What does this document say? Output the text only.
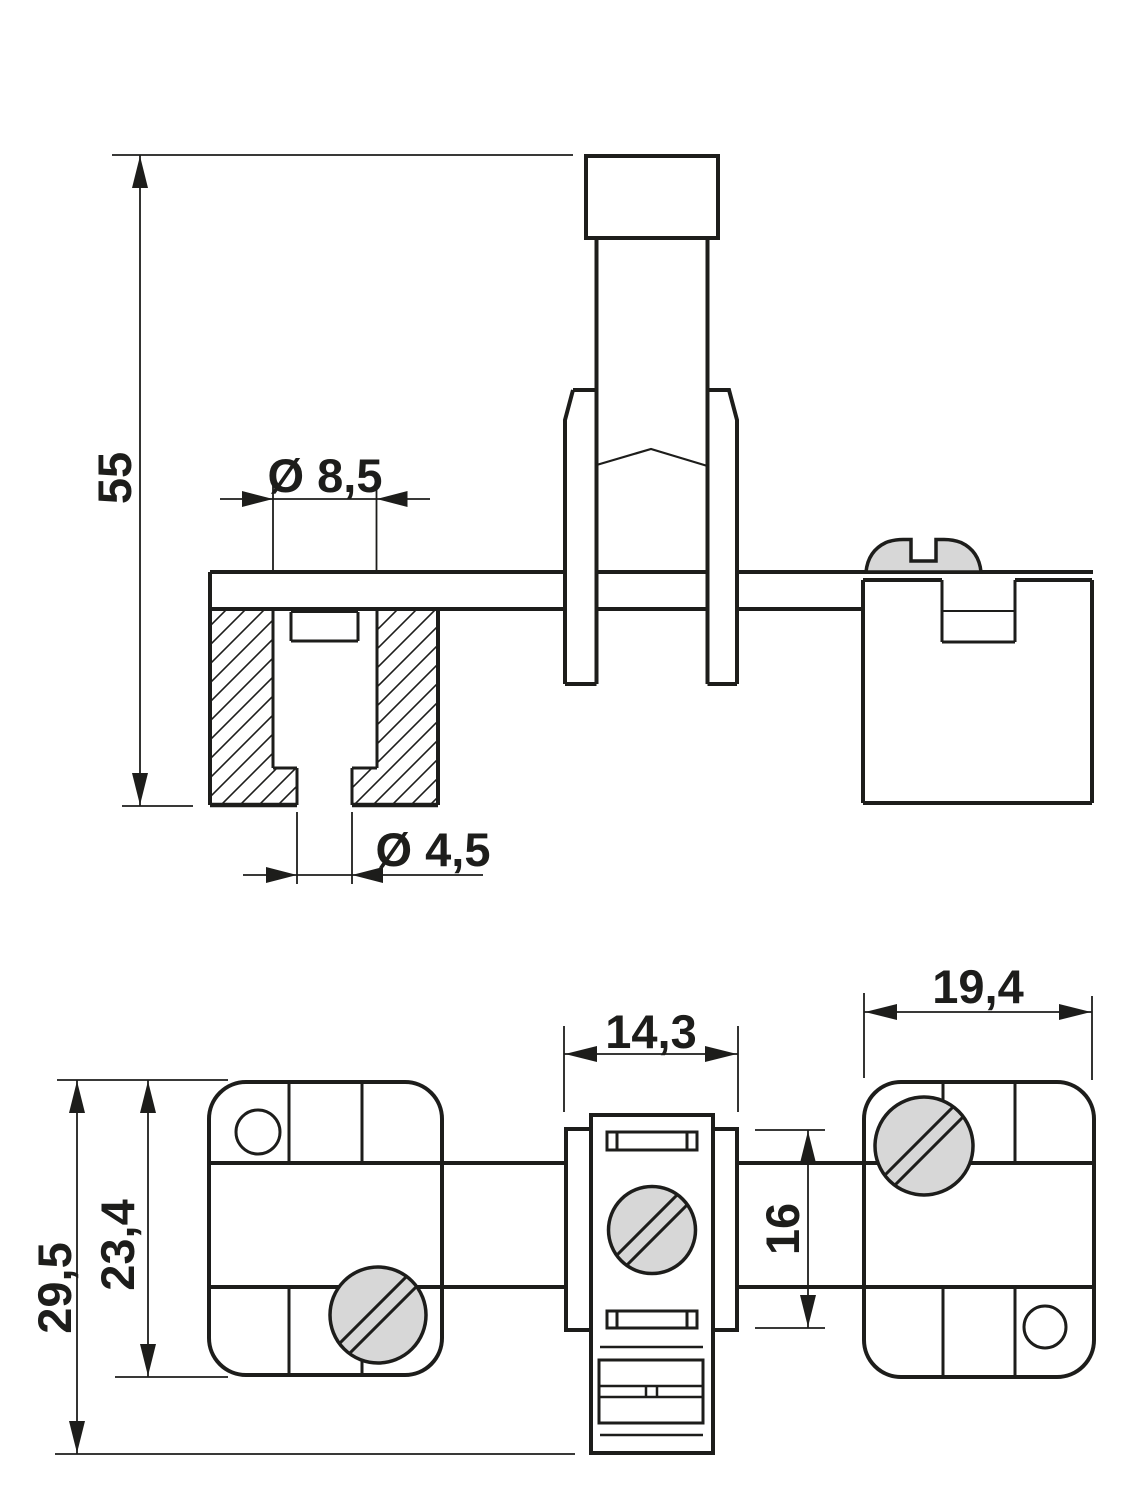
55	Ø 8,5
Ø 4,5
14,3
19,4
16
23,4
29,5
